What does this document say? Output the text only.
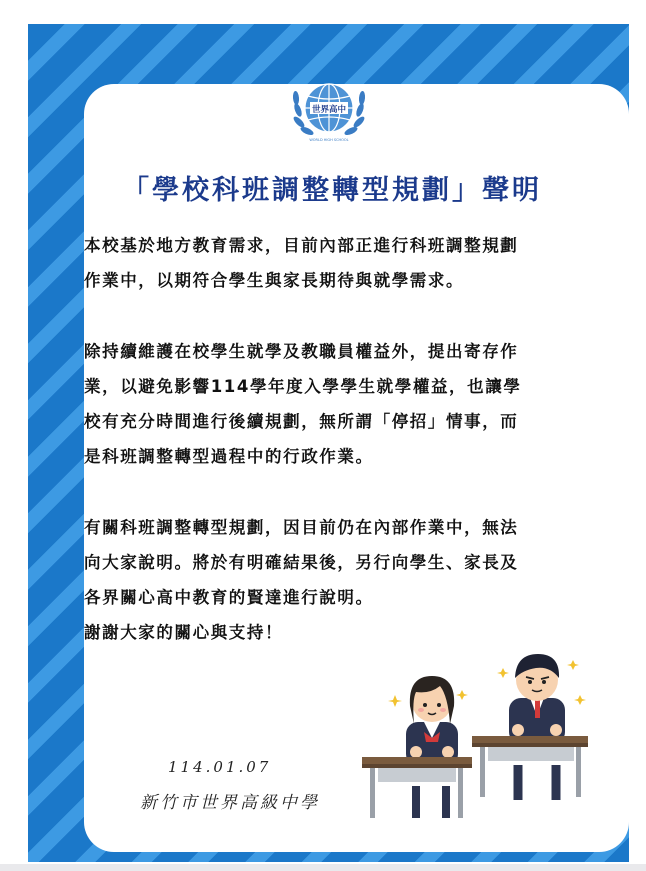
世界高中
WORLD HIGH SCHOOL
「學校科班調整轉型規劃」聲明
本校基於地方教育需求，目前內部正進行科班調整規劃
作業中，以期符合學生與家長期待與就學需求。
除持續維護在校學生就學及教職員權益外，提出寄存作
業，以避免影響114學年度入學學生就學權益，也讓學
校有充分時間進行後續規劃，無所謂「停招」情事，而
是科班調整轉型過程中的行政作業。
有關科班調整轉型規劃，因目前仍在內部作業中，無法
向大家說明。將於有明確結果後，另行向學生、家長及
各界關心高中教育的賢達進行說明。
謝謝大家的關心與支持！
114.01.07
新竹市世界高級中學
